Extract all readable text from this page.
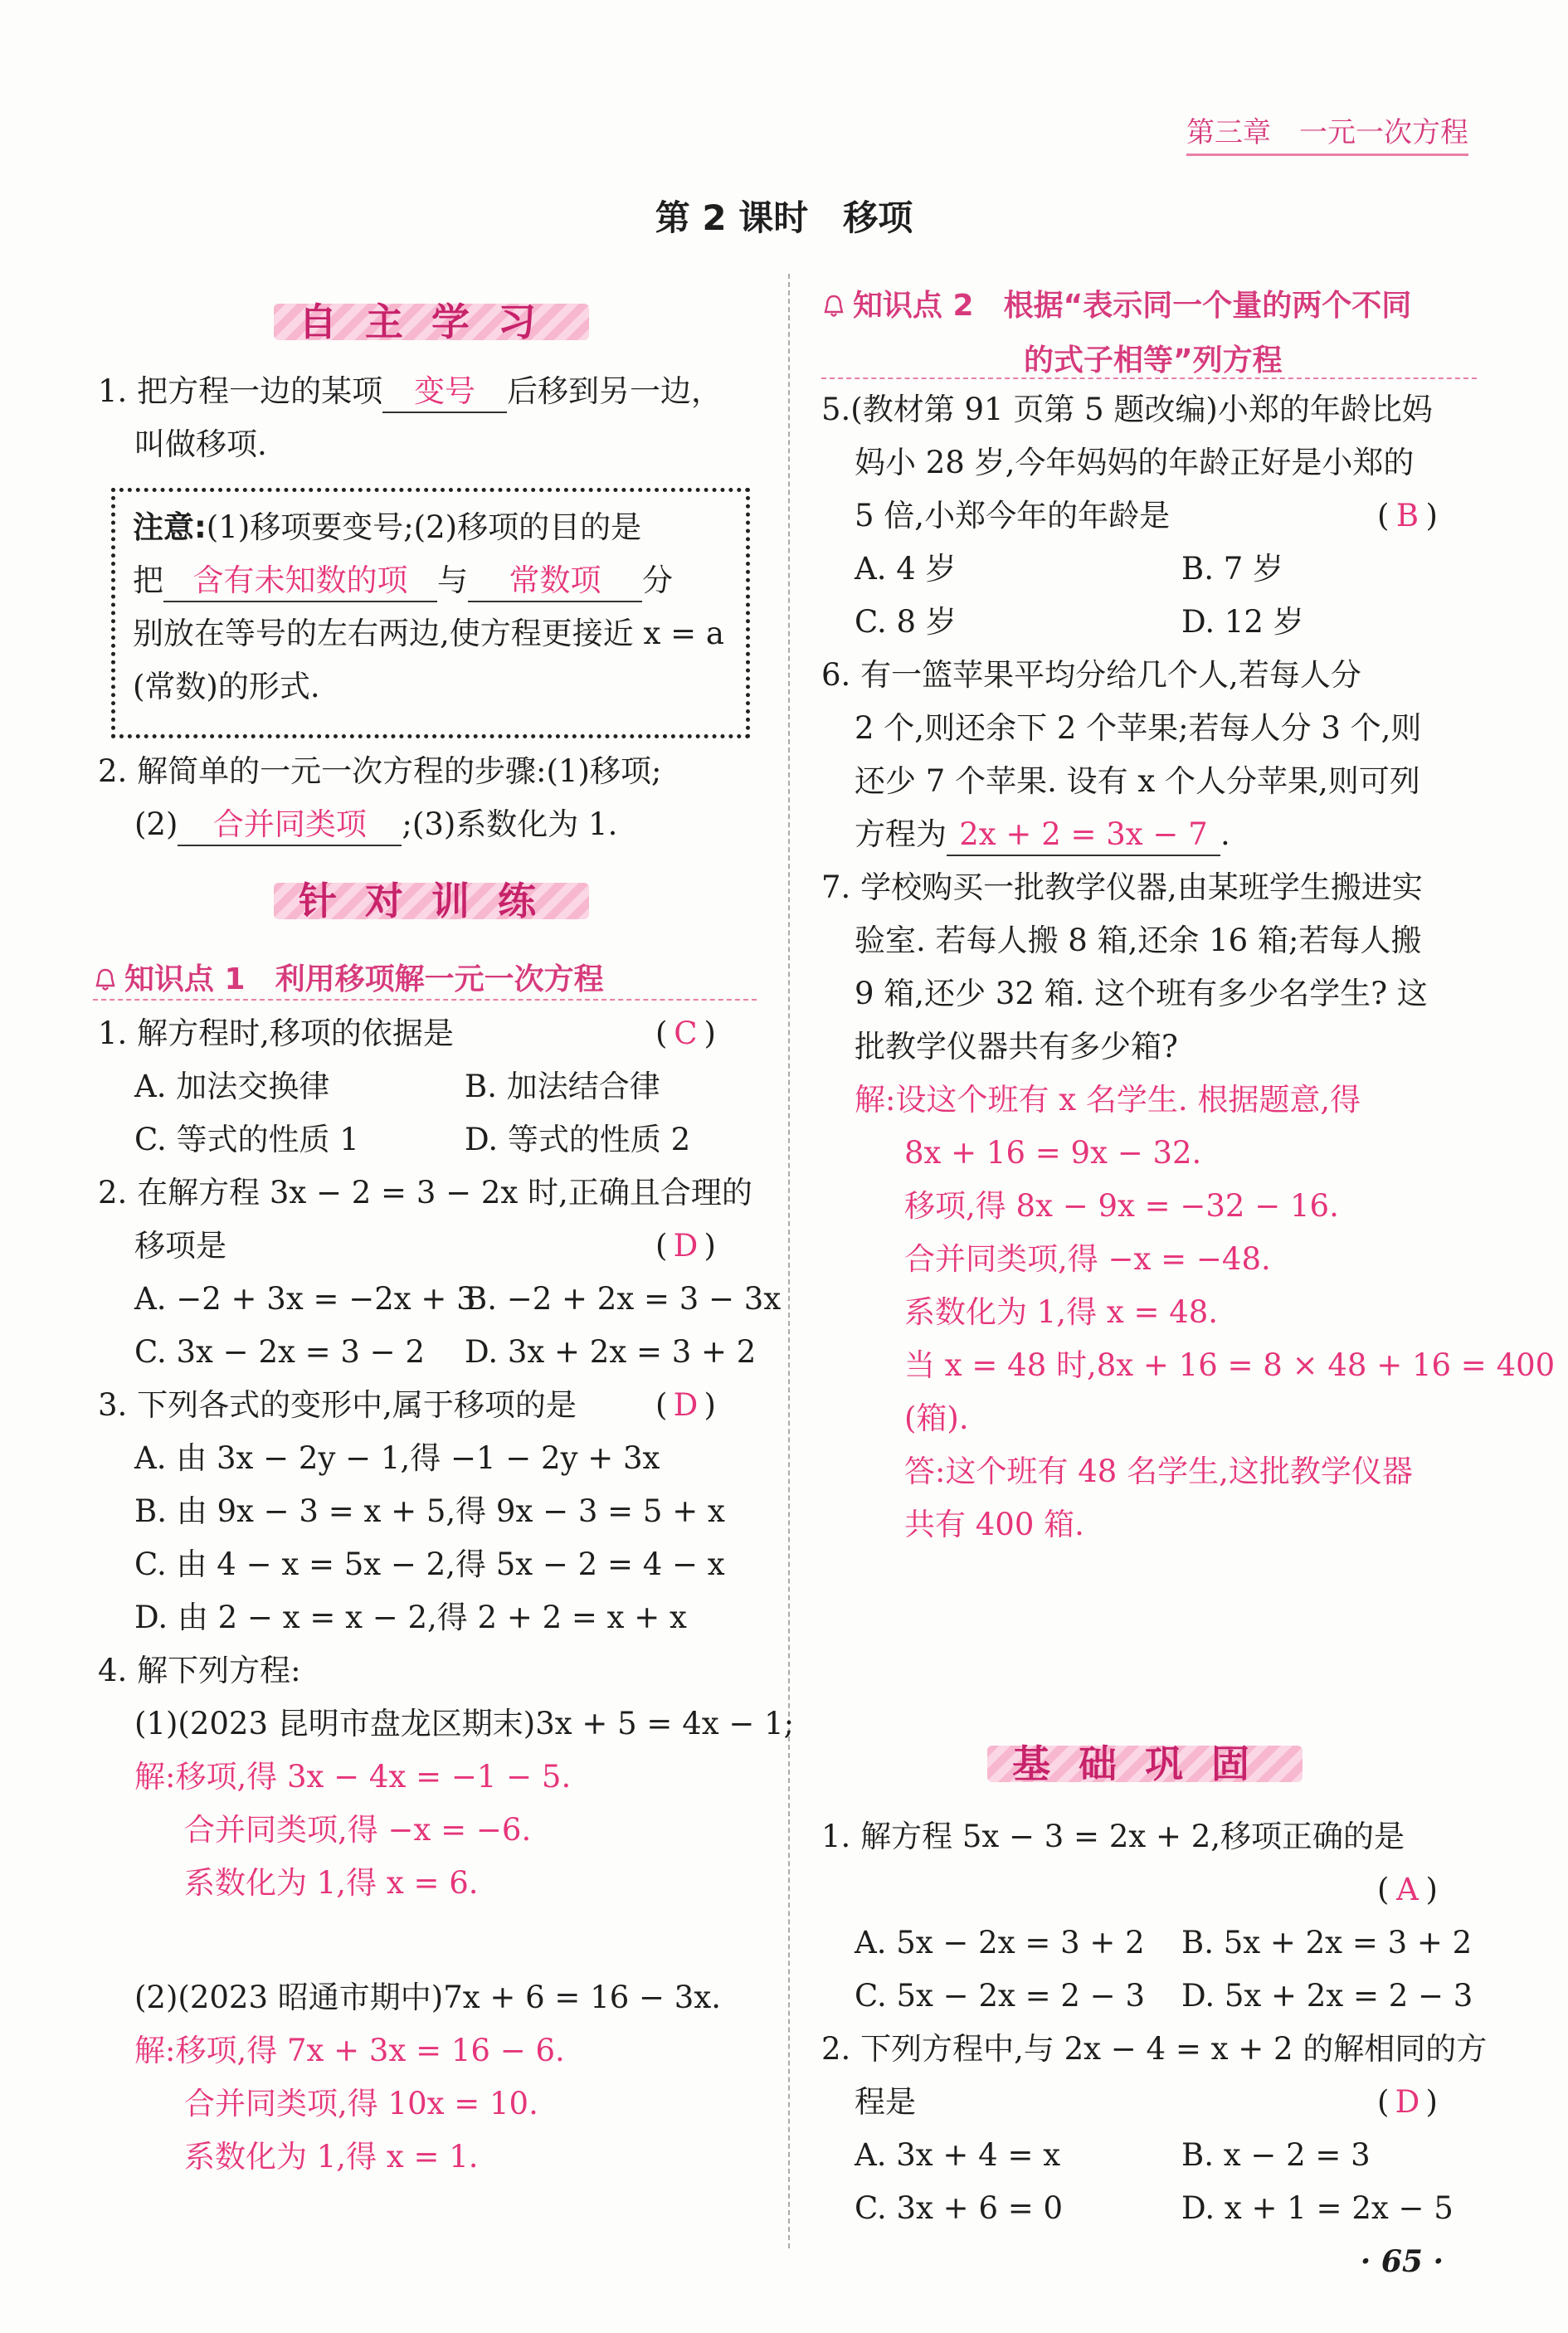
第三章　一元一次方程
第 2 课时　移项
自主学习
1. 把方程一边的某项 变号 后移到另一边，
叫做移项.
注意:(1)移项要变号;(2)移项的目的是
把 含有未知数的项 与 常数项 分
别放在等号的左右两边,使方程更接近 x = a
(常数)的形式.
2. 解简单的一元一次方程的步骤:(1)移项;
(2) 合并同类项 ;(3)系数化为 1.
针对训练
知识点 1　利用移项解一元一次方程
1. 解方程时,移项的依据是	( C )
A. 加法交换律	B. 加法结合律
C. 等式的性质 1	D. 等式的性质 2
2. 在解方程 3x − 2 = 3 − 2x 时,正确且合理的
移项是	( D )
A. −2 + 3x = −2x + 3
B. −2 + 2x = 3 − 3x
C. 3x − 2x = 3 − 2 D. 3x + 2x = 3 + 2
3. 下列各式的变形中,属于移项的是	( D )
A. 由 3x − 2y − 1,得 −1 − 2y + 3x
B. 由 9x − 3 = x + 5,得 9x − 3 = 5 + x
C. 由 4 − x = 5x − 2,得 5x − 2 = 4 − x
D. 由 2 − x = x − 2,得 2 + 2 = x + x
4. 解下列方程:
(1)(2023 昆明市盘龙区期末)3x + 5 = 4x − 1;
解:移项,得 3x − 4x = −1 − 5.
合并同类项,得 −x = −6.
系数化为 1,得 x = 6.
(2)(2023 昭通市期中)7x + 6 = 16 − 3x.
解:移项,得 7x + 3x = 16 − 6.
合并同类项,得 10x = 10.
系数化为 1,得 x = 1.
知识点 2　根据“表示同一个量的两个不同
的式子相等”列方程
5.(教材第 91 页第 5 题改编)小郑的年龄比妈
妈小 28 岁,今年妈妈的年龄正好是小郑的
5 倍,小郑今年的年龄是	( B )
A. 4 岁	B. 7 岁
C. 8 岁	D. 12 岁
6. 有一篮苹果平均分给几个人,若每人分
2 个,则还余下 2 个苹果;若每人分 3 个,则
还少 7 个苹果. 设有 x 个人分苹果,则可列
方程为 2x + 2 = 3x − 7 .
7. 学校购买一批教学仪器,由某班学生搬进实
验室. 若每人搬 8 箱,还余 16 箱;若每人搬
9 箱,还少 32 箱. 这个班有多少名学生? 这
批教学仪器共有多少箱?
解:设这个班有 x 名学生. 根据题意,得
8x + 16 = 9x − 32.
移项,得 8x − 9x = −32 − 16.
合并同类项,得 −x = −48.
系数化为 1,得 x = 48.
当 x = 48 时,8x + 16 = 8 × 48 + 16 = 400
(箱).
答:这个班有 48 名学生,这批教学仪器
共有 400 箱.
基础巩固
1. 解方程 5x − 3 = 2x + 2,移项正确的是
( A )
A. 5x − 2x = 3 + 2 B. 5x + 2x = 3 + 2
C. 5x − 2x = 2 − 3 D. 5x + 2x = 2 − 3
2. 下列方程中,与 2x − 4 = x + 2 的解相同的方
程是	( D )
A. 3x + 4 = x	B. x − 2 = 3
C. 3x + 6 = 0	D. x + 1 = 2x − 5
· 65 ·
